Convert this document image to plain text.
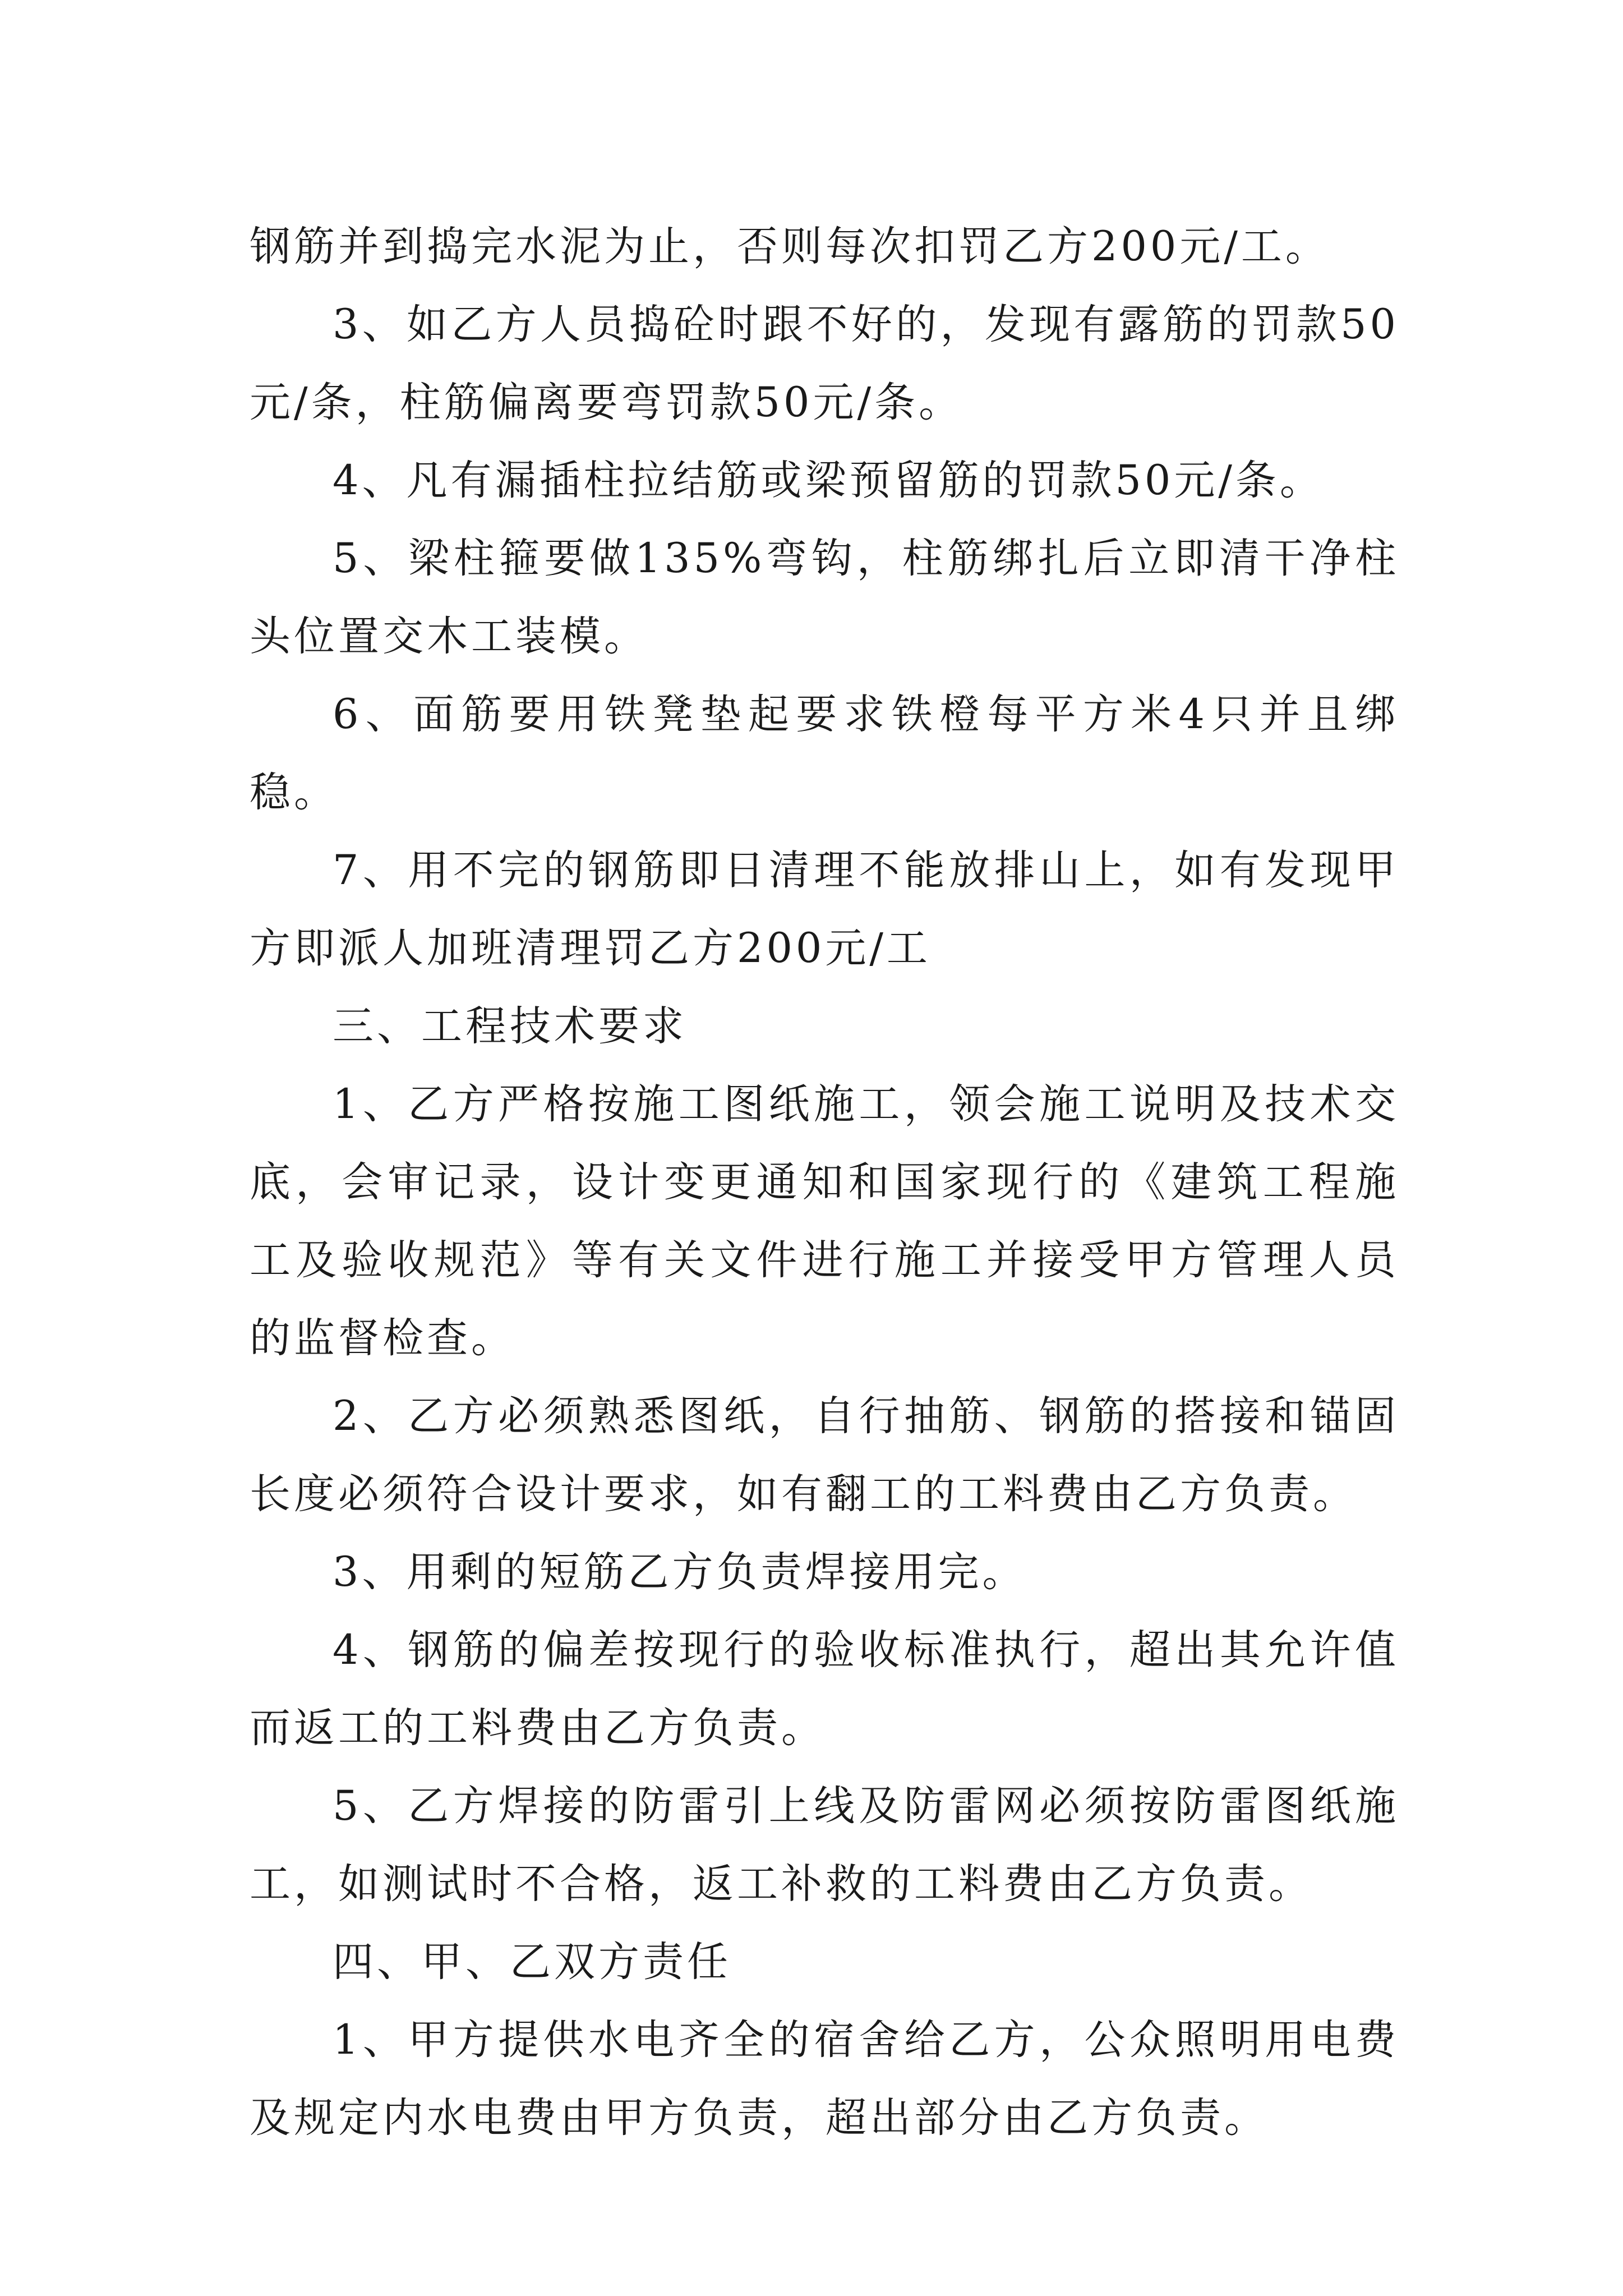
钢筋并到捣完水泥为止，否则每次扣罚乙方200元/工。

3、如乙方人员捣砼时跟不好的，发现有露筋的罚款50元/条，柱筋偏离要弯罚款50元/条。

4、凡有漏插柱拉结筋或梁预留筋的罚款50元/条。

5、梁柱箍要做135%弯钩，柱筋绑扎后立即清干净柱头位置交木工装模。

6、面筋要用铁凳垫起要求铁橙每平方米4只并且绑稳。

7、用不完的钢筋即日清理不能放排山上，如有发现甲方即派人加班清理罚乙方200元/工

三、工程技术要求

1、乙方严格按施工图纸施工，领会施工说明及技术交底，会审记录，设计变更通知和国家现行的《建筑工程施工及验收规范》等有关文件进行施工并接受甲方管理人员的监督检查。

2、乙方必须熟悉图纸，自行抽筋、钢筋的搭接和锚固长度必须符合设计要求，如有翻工的工料费由乙方负责。

3、用剩的短筋乙方负责焊接用完。

4、钢筋的偏差按现行的验收标准执行，超出其允许值而返工的工料费由乙方负责。

5、乙方焊接的防雷引上线及防雷网必须按防雷图纸施工，如测试时不合格，返工补救的工料费由乙方负责。

四、甲、乙双方责任

1、甲方提供水电齐全的宿舍给乙方，公众照明用电费及规定内水电费由甲方负责，超出部分由乙方负责。
